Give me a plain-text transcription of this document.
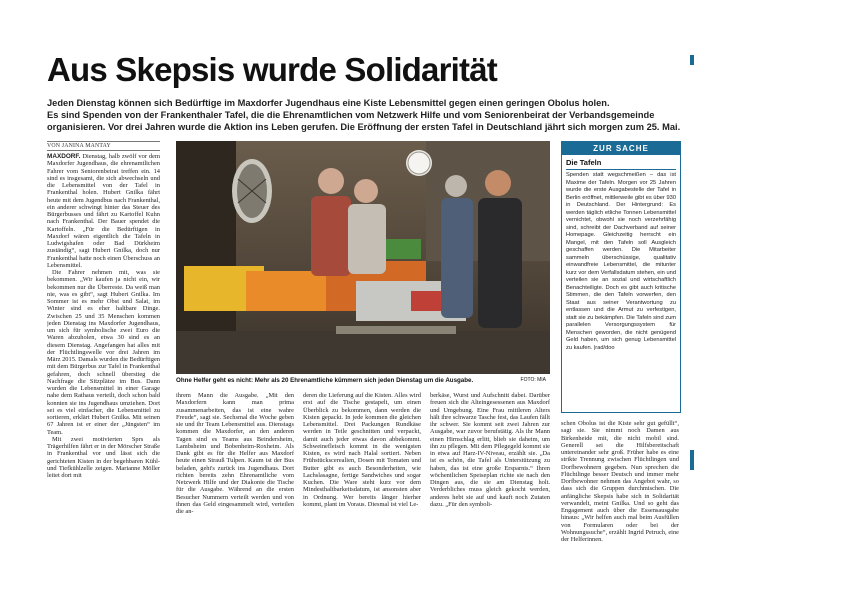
Aus Skepsis wurde Solidarität
Jeden Dienstag können sich Bedürftige im Maxdorfer Jugendhaus eine Kiste Lebensmittel gegen einen geringen Obolus holen.
Es sind Spenden von der Frankenthaler Tafel, die die Ehrenamtlichen vom Netzwerk Hilfe und vom Seniorenbeirat der Verbandsgemeinde
organisieren. Vor drei Jahren wurde die Aktion ins Leben gerufen. Die Eröffnung der ersten Tafel in Deutschland jährt sich morgen zum 25. Mai.
VON JANINA MANTAY

MAXDORF. Dienstag, halb zwölf vor dem Maxdorfer Jugendhaus, die ehrenamtlichen Fahrer vom Seniorenbeirat treffen ein. 14 sind es insgesamt, die sich abwechseln und die Lebensmittel von der Tafel in Frankenthal holen. Hubert Gnilka fährt heute mit dem Jugendbus nach Frankenthal, ein anderer schwingt hinter das Steuer des Bürgerbusses und fährt zu Kartoffel Kuhn nach Frankenthal. Der Bauer spendet die Kartoffeln. „Für die Bedürftigen in Maxdorf wären eigentlich die Tafeln in Ludwigshafen oder Bad Dürkheim zuständig“, sagt Hubert Gnilka, doch nur Frankenthal hatte noch einen Überschuss an Lebensmittel.

Die Fahrer nehmen mit, was sie bekommen. „Wir kaufen ja nicht ein, wir bekommen nur die Überreste. Da weiß man nie, was es gibt“, sagt Hubert Gnilka. Im Sommer ist es mehr Obst und Salat, im Winter sind es eher haltbare Dinge. Zwischen 25 und 35 Menschen kommen jeden Dienstag ins Maxdorfer Jugendhaus, um sich für symbolische zwei Euro die Waren abzuholen, etwa 30 sind es an diesem Dienstag. Angefangen hat alles mit der Flüchtlingswelle vor drei Jahren im März 2015. Damals wurden die Bedürftigen mit dem Bürgerbus zur Tafel in Frankenthal gefahren, doch schnell überstieg die Nachfrage die Sitzplätze im Bus. Dann wurden die Lebensmittel in einer Garage nahe dem Rathaus verteilt, doch schon bald konnten sie ins Jugendhaus umziehen. Dort sei es viel einfacher, die Lebensmittel zu sortieren, erklärt Hubert Gnilka. Mit seinen 67 Jahren ist er einer der „Jüngsten“ im Team.

Mit zwei motivierten Sprs als Trägerhilfen fährt er in der Mörscher Straße in Frankenthal vor und lässt sich die gerichteten Kisten in der begehbaren Kühl- und Tiefkühlzelle zeigen. Marianne Möller leitet dort mit

Ohne Helfer geht es nicht: Mehr als 20 Ehrenamtliche kümmern sich jeden Dienstag um die Ausgabe.	FOTO: MIA
ZUR SACHE
Die Tafeln
Spenden statt wegschmeißen – das ist Maxime der Tafeln. Morgen vor 25 Jahren wurde die erste Ausgabestelle der Tafel in Berlin eröffnet, mittlerweile gibt es über 930 in Deutschland. Der Hintergrund: Es werden täglich etliche Tonnen Lebensmittel vernichtet, obwohl sie noch verzehrfähig sind, schreibt der Dachverband auf seiner Homepage. Gleichzeitig herrscht ein Mangel, mit den Tafeln soll Ausgleich geschaffen werden. Die Mitarbeiter sammeln überschüssige, qualitativ einwandfreie Lebensmittel, die mitunter kurz vor dem Verfallsdatum stehen, ein und verteilen sie an sozial und wirtschaftlich Benachteiligte. Doch es gibt auch kritische Stimmen, die den Tafeln vorwerfen, den Staat aus seiner Verantwortung zu entlassen und die Armut zu verfestigen, statt sie zu bekämpfen. Die Tafeln sind zum parallelen Versorgungssystem für Menschen geworden, die nicht genügend Geld haben, um sich genug Lebensmittel zu kaufen. |rad/doo
ihrem Mann die Ausgabe. „Mit den Maxdorfern kann man prima zusammenarbeiten, das ist eine wahre Freude“, sagt sie. Sechsmal die Woche geben sie und ihr Team Lebensmittel aus. Dienstags kommen die Maxdorfer, an den anderen Tagen sind es Teams aus Beindersheim, Lambsheim und Bobenheim-Roxheim. Als Dank gibt es für die Helfer aus Maxdorf heute einen Strauß Tulpen. Kaum ist der Bus beladen, geht's zurück ins Jugendhaus. Dort richten bereits zehn Ehrenamtliche vom Netzwerk Hilfe und der Diakonie die Tische für die Ausgabe. Während an die ersten Besucher Nummern verteilt werden und von ihnen das Geld eingesammelt wird, verteilen die an-
deren die Lieferung auf die Kisten. Alles wird erst auf die Tische gestapelt, um einen Überblick zu bekommen, dann werden die Kisten gepackt. In jede kommen die gleichen Lebensmittel. Drei Packungen Rundkäse werden in Teile geschnitten und verpackt, damit auch jeder etwas davon abbekommt. Schweinefleisch kommt in die wenigsten Kisten, es wird nach Halal sortiert. Neben Frühstückscerealien, Dosen mit Tomaten und Butter gibt es auch Besonderheiten, wie Lachslasagne, fertige Sandwiches und sogar Kuchen. Die Ware steht kurz vor dem Mindesthaltbarkeitsdatum, ist ansonsten aber in Ordnung. Wer bereits länger hierher kommt, plant im Voraus. Diesmal ist viel Le-
berkäse, Wurst und Aufschnitt dabei. Darüber freuen sich die Alteingesessenen aus Maxdorf und Umgebung. Eine Frau mittleren Alters hält ihre schwarze Tasche fest, das Laufen fällt ihr schwer. Sie kommt seit zwei Jahren zur Ausgabe, war zuvor berufstätig. Als ihr Mann einen Hirnschlag erlitt, blieb sie daheim, um ihn zu pflegen. Mit dem Pflegegeld kommt sie in etwa auf Harz-IV-Niveau, erzählt sie. „Da ist es schön, die Tafel als Unterstützung zu haben, das ist eine große Ersparnis.“ Ihren wöchentlichen Speiseplan richte sie nach den Dingen aus, die sie am Dienstag holt. Verderbliches muss gleich gekocht werden, anderes hebt sie auf und kauft noch Zutaten dazu. „Für den symboli-
schen Obolus ist die Kiste sehr gut gefüllt“, sagt sie. Sie nimmt noch Damen aus Birkenheide mit, die nicht mobil sind. Generell sei die Hilfsbereitschaft untereinander sehr groß. Früher habe es eine strikte Trennung zwischen Flüchtlingen und Dorfbewohnern gegeben. Nun sprechen die Flüchtlinge besser Deutsch und immer mehr Dorfbewohner nehmen das Angebot wahr, so dass sich die Gruppen durchmischen. Die anfängliche Skepsis habe sich in Solidarität verwandelt, meint Gnilka. Und so geht das Engagement auch über die Essensausgabe hinaus: „Wir helfen auch mal beim Ausfüllen von Formularen oder bei der Wohnungssuche“, erzählt Ingrid Petruch, eine der Helferinnen.
